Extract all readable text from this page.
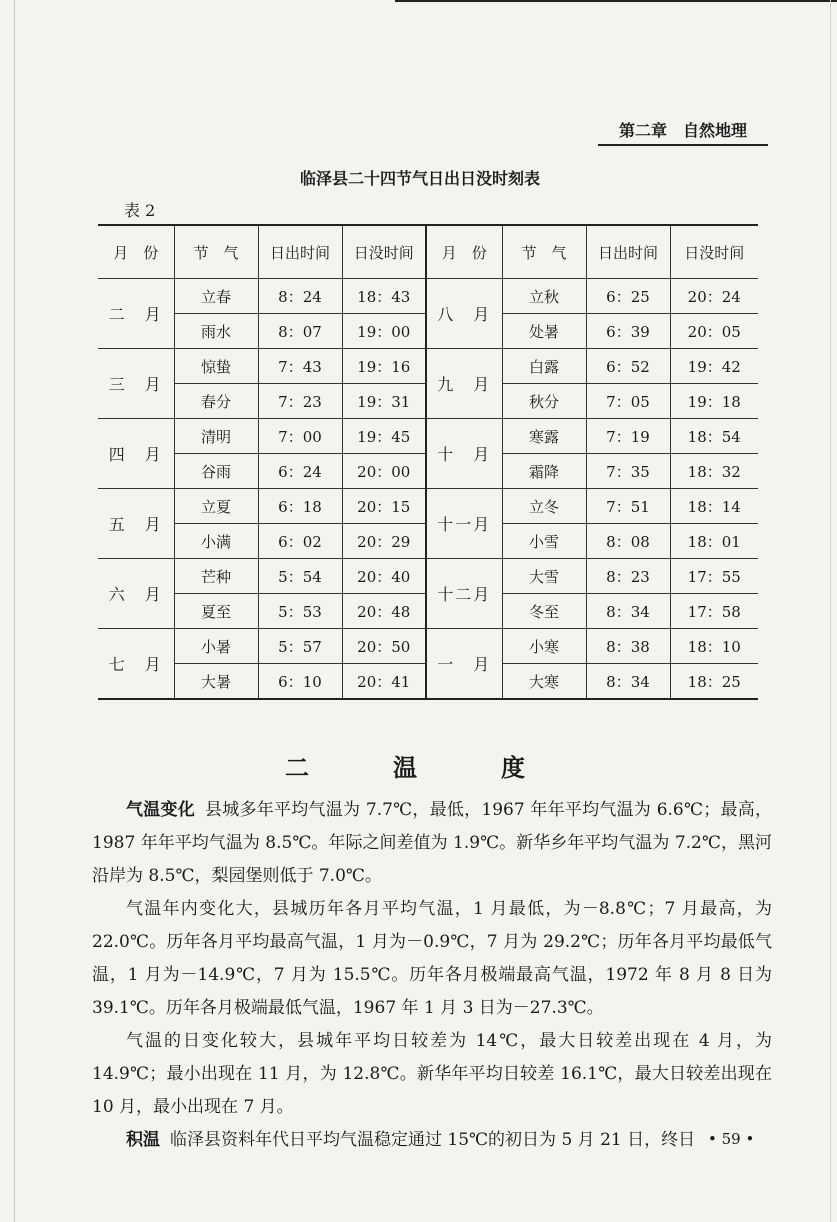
第二章　自然地理
临泽县二十四节气日出日没时刻表
表 2
月　份	节　气	日出时间	日没时间	月　份	节　气	日出时间	日没时间
二　月	立春	8：24	18：43	八　月	立秋	6：25	20：24
	雨水	8：07	19：00		处暑	6：39	20：05
三　月	惊蛰	7：43	19：16	九　月	白露	6：52	19：42
	春分	7：23	19：31		秋分	7：05	19：18
四　月	清明	7：00	19：45	十　月	寒露	7：19	18：54
	谷雨	6：24	20：00		霜降	7：35	18：32
五　月	立夏	6：18	20：15	十一月	立冬	7：51	18：14
	小满	6：02	20：29		小雪	8：08	18：01
六　月	芒种	5：54	20：40	十二月	大雪	8：23	17：55
	夏至	5：53	20：48		冬至	8：34	17：58
七　月	小暑	5：57	20：50	一　月	小寒	8：38	18：10
	大暑	6：10	20：41		大寒	8：34	18：25
二　温　度

气温变化 县城多年平均气温为 7.7℃，最低，1967 年年平均气温为 6.6℃；最高，1987 年年平均气温为 8.5℃。年际之间差值为 1.9℃。新华乡年平均气温为 7.2℃，黑河沿岸为 8.5℃，梨园堡则低于 7.0℃。

气温年内变化大，县城历年各月平均气温，1 月最低，为－8.8℃；7 月最高，为 22.0℃。历年各月平均最高气温，1 月为－0.9℃，7 月为 29.2℃；历年各月平均最低气温，1 月为－14.9℃，7 月为 15.5℃。历年各月极端最高气温，1972 年 8 月 8 日为 39.1℃。历年各月极端最低气温，1967 年 1 月 3 日为－27.3℃。

气温的日变化较大，县城年平均日较差为 14℃，最大日较差出现在 4 月，为 14.9℃；最小出现在 11 月，为 12.8℃。新华年平均日较差 16.1℃，最大日较差出现在 10 月，最小出现在 7 月。

积温 临泽县资料年代日平均气温稳定通过 15℃的初日为 5 月 21 日，终日 • 59 •
